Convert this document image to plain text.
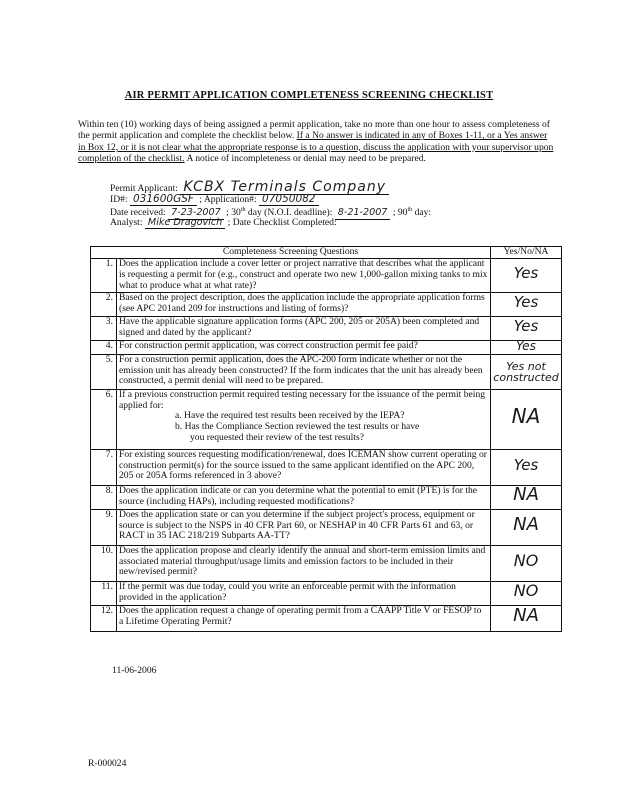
AIR PERMIT APPLICATION COMPLETENESS SCREENING CHECKLIST
Within ten (10) working days of being assigned a permit application, take no more than one hour to assess completeness of the permit application and complete the checklist below. If a No answer is indicated in any of Boxes 1-11, or a Yes answer in Box 12, or it is not clear what the appropriate response is to a question, discuss the application with your supervisor upon completion of the checklist. A notice of incompleteness or denial may need to be prepared.
Permit Applicant: KCBX Terminals Company
ID#: 031600GSF ; Application#: 07050082
Date received: 7-23-2007 ; 30th day (N.O.I. deadline): 8-21-2007 ; 90th day:
Analyst: Mike Dragovich ; Date Checklist Completed:
Completeness Screening Questions		Yes/No/NA
1.	Does the application include a cover letter or project narrative that describes what the applicant is requesting a permit for (e.g., construct and operate two new 1,000-gallon mixing tanks to mix what to produce what at what rate)?	Yes
2.	Based on the project description, does the application include the appropriate application forms (see APC 201and 209 for instructions and listing of forms)?	Yes
3.	Have the applicable signature application forms (APC 200, 205 or 205A) been completed and signed and dated by the applicant?	Yes
4.	For construction permit application, was correct construction permit fee paid?	Yes
5.	For a construction permit application, does the APC-200 form indicate whether or not the emission unit has already been constructed? If the form indicates that the unit has already been constructed, a permit denial will need to be prepared.	Yes not constructed

6.	If a previous construction permit required testing necessary for the issuance of the permit being applied for:
a. Have the required test results been received by the IEPA?
b. Has the Compliance Section reviewed the test results or have
you requested their review of the test results?	NA
7.	For existing sources requesting modification/renewal, does ICEMAN show current operating or construction permit(s) for the source issued to the same applicant identified on the APC 200, 205 or 205A forms referenced in 3 above?	Yes
8.	Does the application indicate or can you determine what the potential to emit (PTE) is for the source (including HAPs), including requested modifications?	NA
9.	Does the application state or can you determine if the subject project's process, equipment or source is subject to the NSPS in 40 CFR Part 60, or NESHAP in 40 CFR Parts 61 and 63, or RACT in 35 IAC 218/219 Subparts AA-TT?	NA
10.	Does the application propose and clearly identify the annual and short-term emission limits and associated material throughput/usage limits and emission factors to be included in their new/revised permit?	NO
11.	If the permit was due today, could you write an enforceable permit with the information provided in the application?	NO
12.	Does the application request a change of operating permit from a CAAPP Title V or FESOP to a Lifetime Operating Permit?	NA
11-06-2006
R-000024
